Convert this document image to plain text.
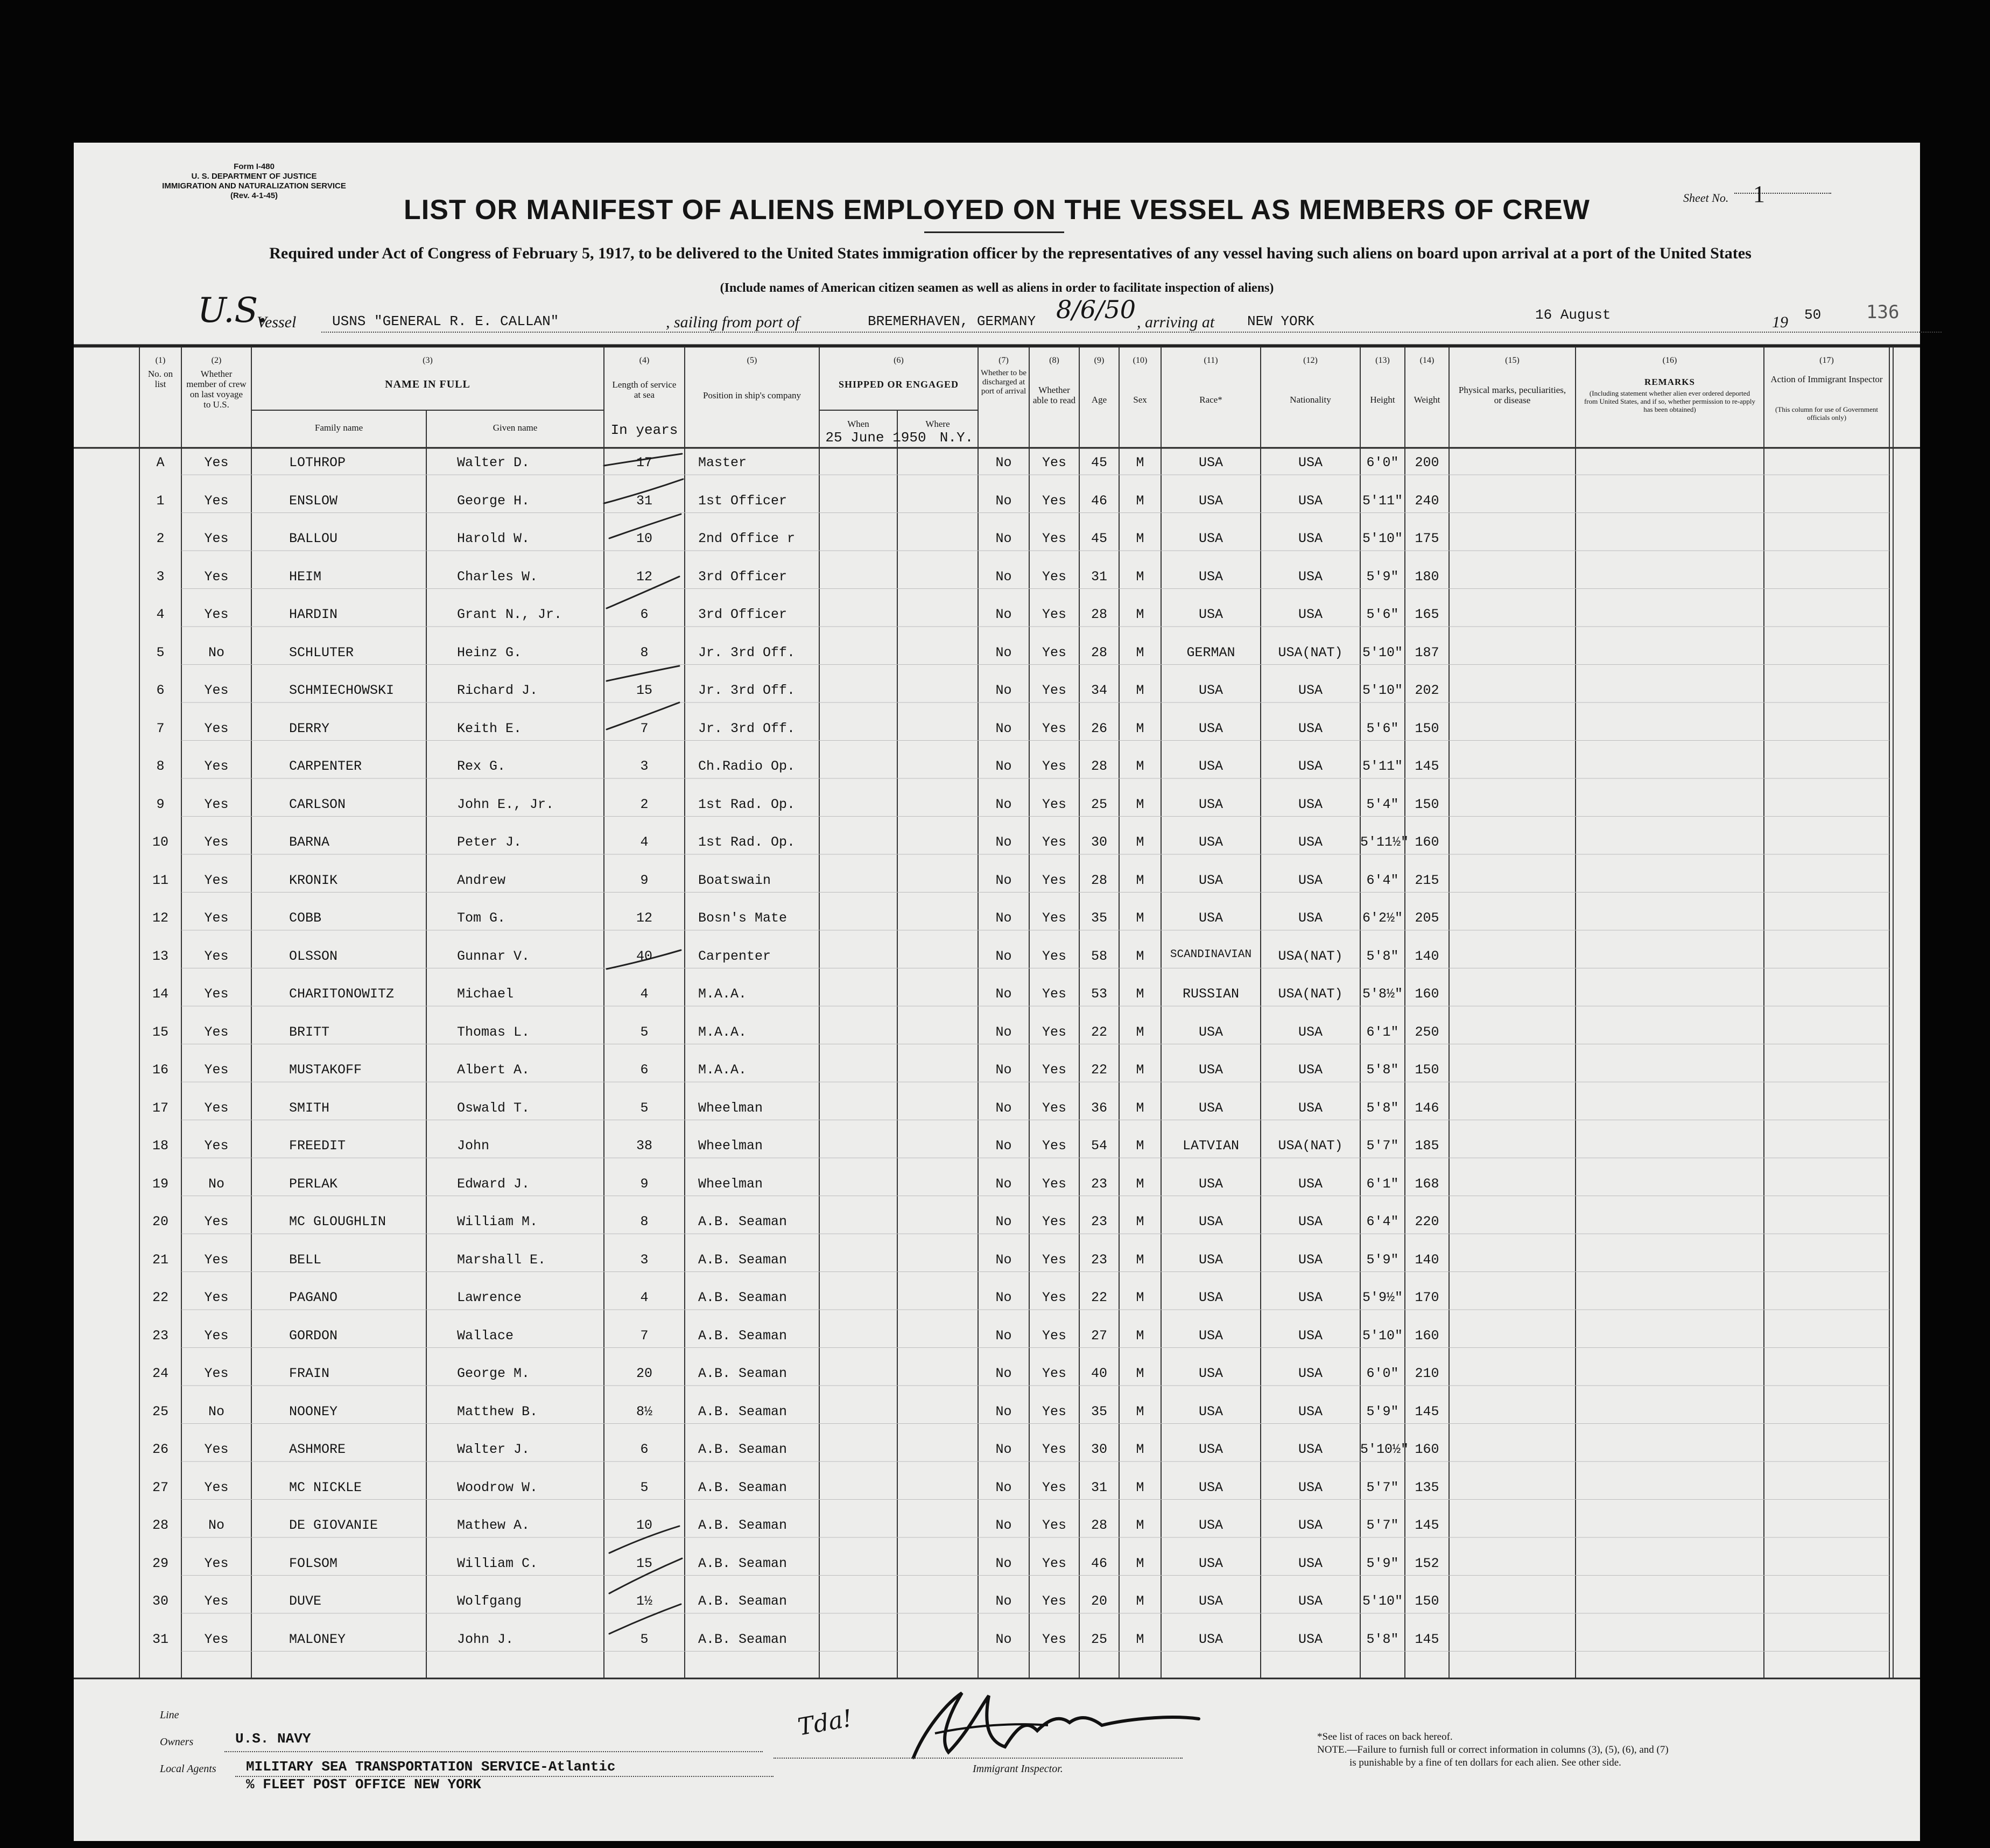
Form I-480
U. S. DEPARTMENT OF JUSTICE
IMMIGRATION AND NATURALIZATION SERVICE
(Rev. 4-1-45)	Sheet No. 1
LIST OR MANIFEST OF ALIENS EMPLOYED ON THE VESSEL AS MEMBERS OF CREW
Required under Act of Congress of February 5, 1917, to be delivered to the United States immigration officer by the representatives of any vessel having such aliens on board upon arrival at a port of the United States
(Include names of American citizen seamen as well as aliens in order to facilitate inspection of aliens)
U.S.
Vessel	USNS "GENERAL R. E. CALLAN"	, sailing from port of	BREMERHAVEN, GERMANY 8/6/50 , arriving at NEW YORK	16 August	19 50 136
(1)
No. on list
(2)
Whether member of crew on last voyage to U.S.
(3)
NAME IN FULL
Family name	Given name
(4)
Length of service at sea
In years
(5)
Position in ship's company
(6)
SHIPPED OR ENGAGED
When	Where
25 June 1950 N.Y.
(7)
Whether to be discharged at port of arrival
(8)
Whether able to read
(9)
Age
(10)
Sex
(11)
Race*
(12)
Nationality
(13)
Height
(14)
Weight
(15)
Physical marks, peculiarities, or disease
(16)
REMARKS
(Including statement whether alien ever ordered deported from United States, and if so, whether permission to re-apply has been obtained)
(17)
Action of Immigrant Inspector
(This column for use of Government officials only)
A	Yes	LOTHROP	Walter D.	17	Master	No	Yes	45	M	USA	USA	6'0"	200
1	Yes	ENSLOW	George H.	31	1st Officer	No	Yes	46	M	USA	USA	5'11" 240
2	Yes	BALLOU	Harold W.	10	2nd Office r	No	Yes	45	M	USA	USA	5'10" 175
3	Yes	HEIM	Charles W.	12	3rd Officer	No	Yes	31	M	USA	USA	5'9"	180
4	Yes	HARDIN	Grant N., Jr.	6	3rd Officer	No	Yes	28	M	USA	USA	5'6"	165
5	No	SCHLUTER	Heinz G.	8	Jr. 3rd Off.	No	Yes	28	M	GERMAN	USA(NAT)	5'10" 187
6	Yes	SCHMIECHOWSKI	Richard J.	15	Jr. 3rd Off.	No	Yes	34	M	USA	USA	5'10" 202
7	Yes	DERRY	Keith E.	7	Jr. 3rd Off.	No	Yes	26	M	USA	USA	5'6"	150
8	Yes	CARPENTER	Rex G.	3	Ch.Radio Op.	No	Yes	28	M	USA	USA	5'11" 145
9	Yes	CARLSON	John E., Jr.	2	1st Rad. Op.	No	Yes	25	M	USA	USA	5'4"	150
10	Yes	BARNA	Peter J.	4	1st Rad. Op.	No	Yes	30	M	USA	USA	5'11½" 160
11	Yes	KRONIK	Andrew	9	Boatswain	No	Yes	28	M	USA	USA	6'4"	215
12	Yes	COBB	Tom G.	12	Bosn's Mate	No	Yes	35	M	USA	USA	6'2½" 205
13	Yes	OLSSON	Gunnar V.	40	Carpenter	No	Yes	58	M	SCANDINAVIAN	USA(NAT)	5'8"	140
14	Yes	CHARITONOWITZ	Michael	4	M.A.A.	No	Yes	53	M	RUSSIAN	USA(NAT)	5'8½" 160
15	Yes	BRITT	Thomas L.	5	M.A.A.	No	Yes	22	M	USA	USA	6'1"	250
16	Yes	MUSTAKOFF	Albert A.	6	M.A.A.	No	Yes	22	M	USA	USA	5'8"	150
17	Yes	SMITH	Oswald T.	5	Wheelman	No	Yes	36	M	USA	USA	5'8"	146
18	Yes	FREEDIT	John	38	Wheelman	No	Yes	54	M	LATVIAN	USA(NAT)	5'7"	185
19	No	PERLAK	Edward J.	9	Wheelman	No	Yes	23	M	USA	USA	6'1"	168
20	Yes	MC GLOUGHLIN	William M.	8	A.B. Seaman	No	Yes	23	M	USA	USA	6'4"	220
21	Yes	BELL	Marshall E.	3	A.B. Seaman	No	Yes	23	M	USA	USA	5'9"	140
22	Yes	PAGANO	Lawrence	4	A.B. Seaman	No	Yes	22	M	USA	USA	5'9½" 170
23	Yes	GORDON	Wallace	7	A.B. Seaman	No	Yes	27	M	USA	USA	5'10" 160
24	Yes	FRAIN	George M.	20	A.B. Seaman	No	Yes	40	M	USA	USA	6'0"	210
25	No	NOONEY	Matthew B.	8½	A.B. Seaman	No	Yes	35	M	USA	USA	5'9"	145
26	Yes	ASHMORE	Walter J.	6	A.B. Seaman	No	Yes	30	M	USA	USA	5'10½" 160
27	Yes	MC NICKLE	Woodrow W.	5	A.B. Seaman	No	Yes	31	M	USA	USA	5'7"	135
28	No	DE GIOVANIE	Mathew A.	10	A.B. Seaman	No	Yes	28	M	USA	USA	5'7"	145
29	Yes	FOLSOM	William C.	15	A.B. Seaman	No	Yes	46	M	USA	USA	5'9"	152
30	Yes	DUVE	Wolfgang	1½	A.B. Seaman	No	Yes	20	M	USA	USA	5'10" 150
31	Yes	MALONEY	John J.	5	A.B. Seaman	No	Yes	25	M	USA	USA	5'8"	145
Line
Owners	U.S. NAVY
Local Agents MILITARY SEA TRANSPORTATION SERVICE-Atlantic
% FLEET POST OFFICE NEW YORK
Tda!
Immigrant Inspector.
*See list of races on back hereof.
NOTE.—Failure to furnish full or correct information in columns (3), (5), (6), and (7)
is punishable by a fine of ten dollars for each alien. See other side.
